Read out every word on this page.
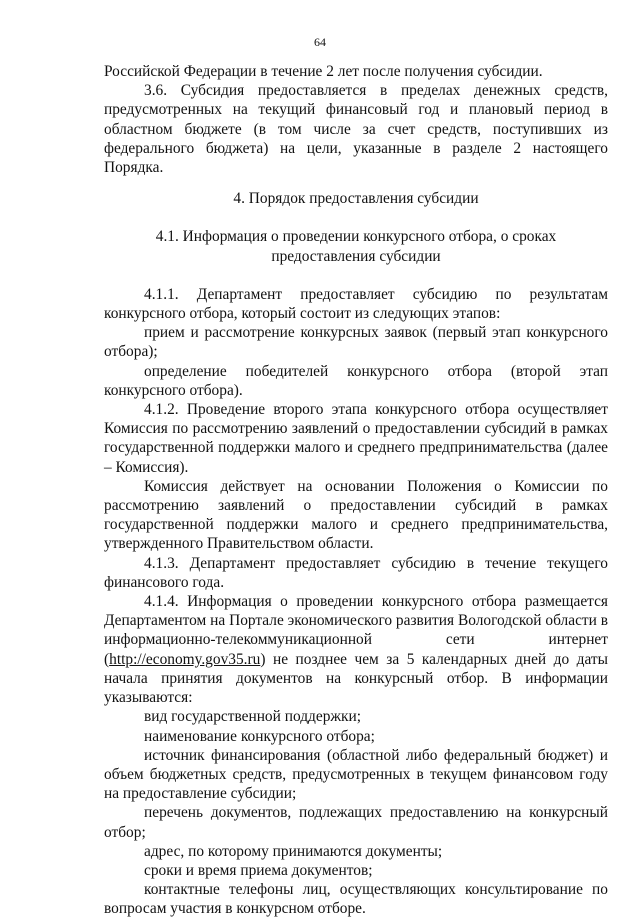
64

Российской Федерации в течение 2 лет после получения субсидии.

3.6. Субсидия предоставляется в пределах денежных средств, предусмотренных на текущий финансовый год и плановый период в областном бюджете (в том числе за счет средств, поступивших из федерального бюджета) на цели, указанные в разделе 2 настоящего Порядка.

4. Порядок предоставления субсидии

4.1. Информация о проведении конкурсного отбора, о сроках предоставления субсидии

4.1.1. Департамент предоставляет субсидию по результатам конкурсного отбора, который состоит из следующих этапов:

прием и рассмотрение конкурсных заявок (первый этап конкурсного отбора);

определение победителей конкурсного отбора (второй этап конкурсного отбора).

4.1.2. Проведение второго этапа конкурсного отбора осуществляет Комиссия по рассмотрению заявлений о предоставлении субсидий в рамках государственной поддержки малого и среднего предпринимательства (далее – Комиссия).

Комиссия действует на основании Положения о Комиссии по рассмотрению заявлений о предоставлении субсидий в рамках государственной поддержки малого и среднего предпринимательства, утвержденного Правительством области.

4.1.3. Департамент предоставляет субсидию в течение текущего финансового года.

4.1.4. Информация о проведении конкурсного отбора размещается Департаментом на Портале экономического развития Вологодской области в информационно-телекоммуникационной сети интернет (http://economy.gov35.ru) не позднее чем за 5 календарных дней до даты начала принятия документов на конкурсный отбор. В информации указываются:

вид государственной поддержки;

наименование конкурсного отбора;

источник финансирования (областной либо федеральный бюджет) и объем бюджетных средств, предусмотренных в текущем финансовом году на предоставление субсидии;

перечень документов, подлежащих предоставлению на конкурсный отбор;

адрес, по которому принимаются документы;

сроки и время приема документов;

контактные телефоны лиц, осуществляющих консультирование по вопросам участия в конкурсном отборе.
